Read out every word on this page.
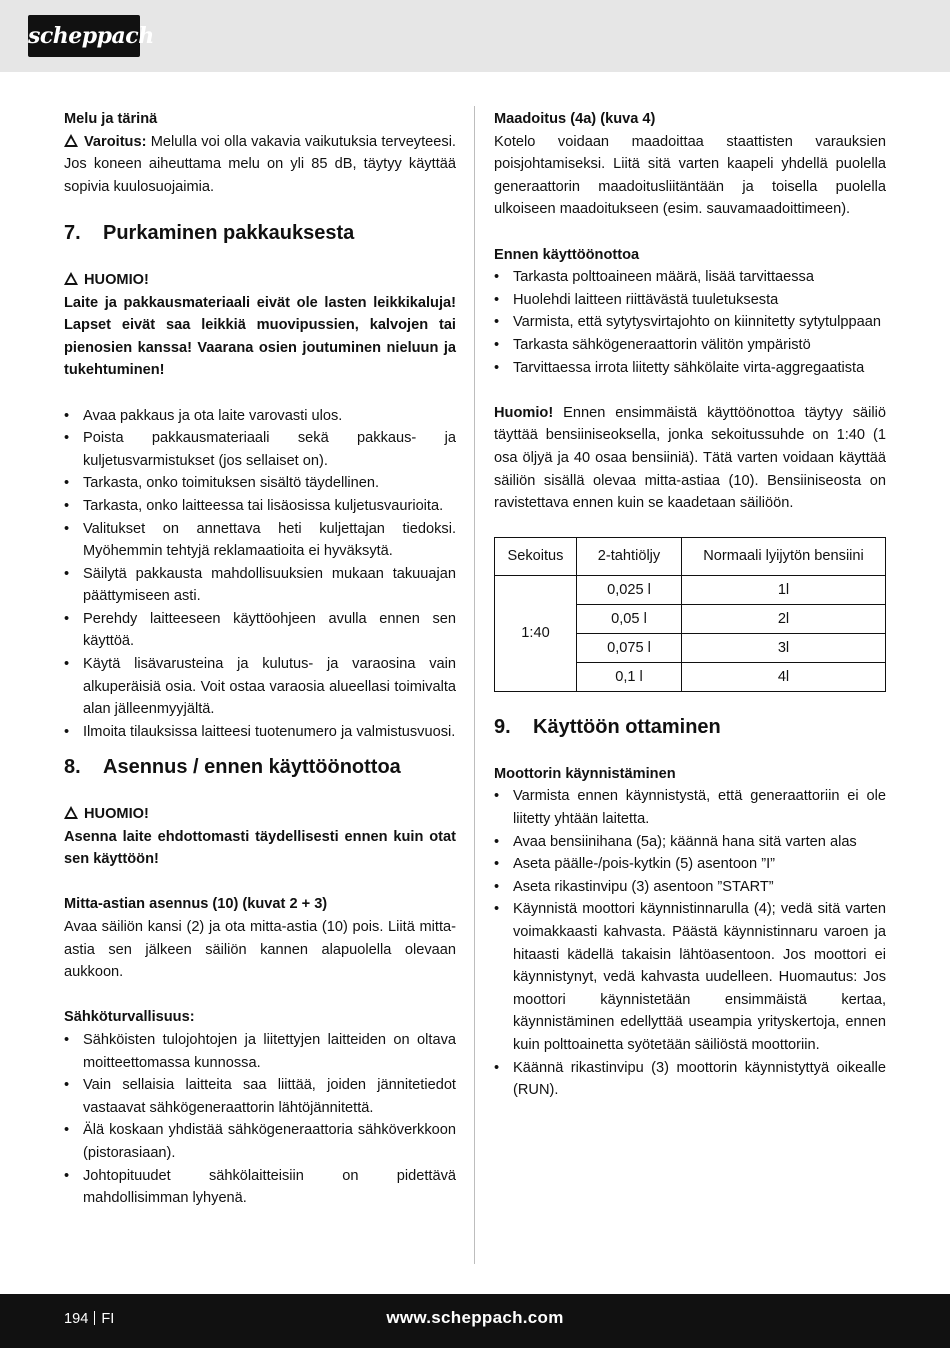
scheppach
Melu ja tärinä
Varoitus: Melulla voi olla vakavia vaikutuksia terveyteesi. Jos koneen aiheuttama melu on yli 85 dB, täytyy käyttää sopivia kuulosuojaimia.
7.	Purkaminen pakkauksesta
HUOMIO!
Laite ja pakkausmateriaali eivät ole lasten leikkikaluja! Lapset eivät saa leikkiä muovipussien, kalvojen tai pienosien kanssa! Vaarana osien joutuminen nieluun ja tukehtuminen!
• Avaa pakkaus ja ota laite varovasti ulos.
• Poista pakkausmateriaali sekä pakkaus- ja kuljetusvarmistukset (jos sellaiset on).
• Tarkasta, onko toimituksen sisältö täydellinen.
• Tarkasta, onko laitteessa tai lisäosissa kuljetusvaurioita.
• Valitukset on annettava heti kuljettajan tiedoksi. Myöhemmin tehtyjä reklamaatioita ei hyväksytä.
• Säilytä pakkausta mahdollisuuksien mukaan takuuajan päättymiseen asti.
• Perehdy laitteeseen käyttöohjeen avulla ennen sen käyttöä.
• Käytä lisävarusteina ja kulutus- ja varaosina vain alkuperäisiä osia. Voit ostaa varaosia alueellasi toimivalta alan jälleenmyyjältä.
• Ilmoita tilauksissa laitteesi tuotenumero ja valmistusvuosi.
8.	Asennus / ennen käyttöönottoa
HUOMIO!
Asenna laite ehdottomasti täydellisesti ennen kuin otat sen käyttöön!
Mitta-astian asennus (10) (kuvat 2 + 3)
Avaa säiliön kansi (2) ja ota mitta-astia (10) pois. Liitä mitta-astia sen jälkeen säiliön kannen alapuolella olevaan aukkoon.
Sähköturvallisuus:
• Sähköisten tulojohtojen ja liitettyjen laitteiden on oltava moitteettomassa kunnossa.
• Vain sellaisia laitteita saa liittää, joiden jännitetiedot vastaavat sähkögeneraattorin lähtöjännitettä.
• Älä koskaan yhdistää sähkögeneraattoria sähköverkkoon (pistorasiaan).
• Johtopituudet sähkölaitteisiin on pidettävä mahdollisimman lyhyenä.
Maadoitus (4a) (kuva 4)
Kotelo voidaan maadoittaa staattisten varauksien poisjohtamiseksi. Liitä sitä varten kaapeli yhdellä puolella generaattorin maadoitusliitäntään ja toisella puolella ulkoiseen maadoitukseen (esim. sauvamaadoittimeen).
Ennen käyttöönottoa
• Tarkasta polttoaineen määrä, lisää tarvittaessa
• Huolehdi laitteen riittävästä tuuletuksesta
• Varmista, että sytytysvirtajohto on kiinnitetty sytytulppaan
• Tarkasta sähkögeneraattorin välitön ympäristö
• Tarvittaessa irrota liitetty sähkölaite virta-aggregaatista
Huomio! Ennen ensimmäistä käyttöönottoa täytyy säiliö täyttää bensiiniseoksella, jonka sekoitussuhde on 1:40 (1 osa öljyä ja 40 osaa bensiiniä). Tätä varten voidaan käyttää säiliön sisällä olevaa mitta-astiaa (10). Bensiiniseosta on ravistettava ennen kuin se kaadetaan säiliöön.
Sekoitus	2-tahtiöljy	Normaali lyijytön bensiini
1:40	0,025 l	1l
	0,05 l	2l
	0,075 l	3l
	0,1 l	4l
9.	Käyttöön ottaminen
Moottorin käynnistäminen
• Varmista ennen käynnistystä, että generaattoriin ei ole liitetty yhtään laitetta.
• Avaa bensiinihana (5a); käännä hana sitä varten alas
• Aseta päälle-/pois-kytkin (5) asentoon ”I”
• Aseta rikastinvipu (3) asentoon ”START”
• Käynnistä moottori käynnistinnarulla (4); vedä sitä varten voimakkaasti kahvasta. Päästä käynnistinnaru varoen ja hitaasti kädellä takaisin lähtöasentoon. Jos moottori ei käynnistynyt, vedä kahvasta uudelleen. Huomautus: Jos moottori käynnistetään ensimmäistä kertaa, käynnistäminen edellyttää useampia yrityskertoja, ennen kuin polttoainetta syötetään säiliöstä moottoriin.
• Käännä rikastinvipu (3) moottorin käynnistyttyä oikealle (RUN).
194 FI	www.scheppach.com
